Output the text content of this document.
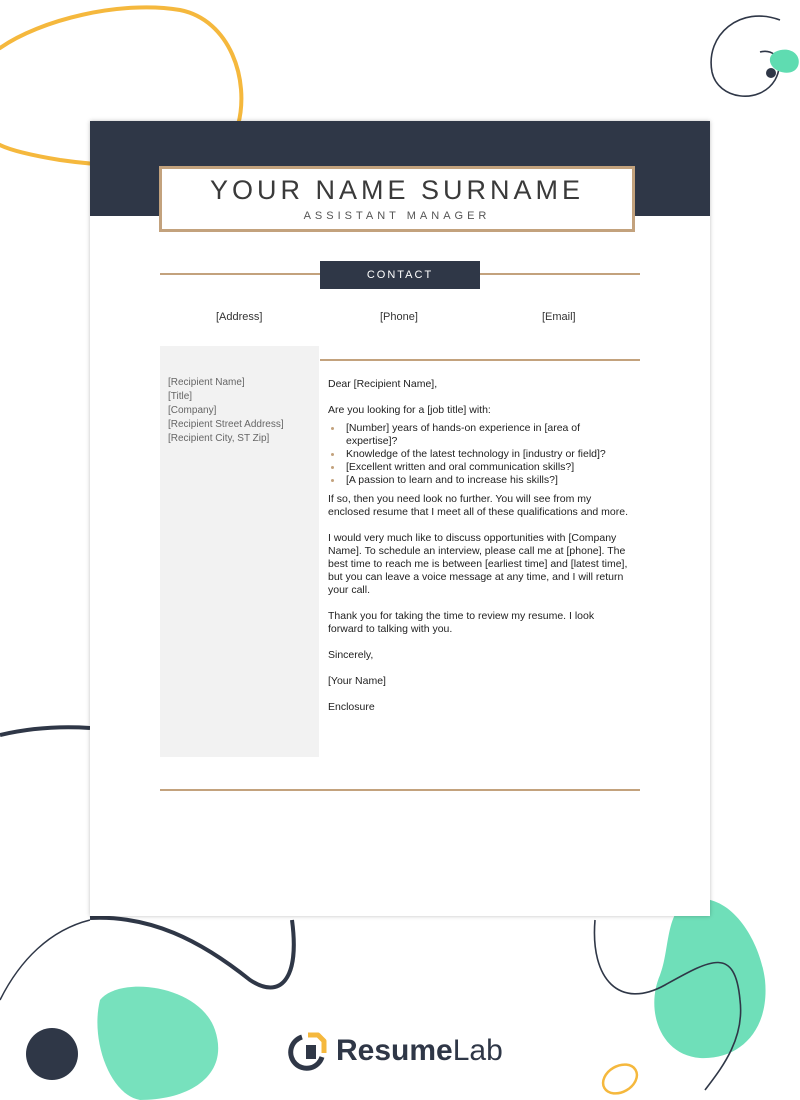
YOUR NAME SURNAME
ASSISTANT MANAGER
CONTACT
[Address]	[Phone]	[Email]
[Recipient Name]
[Title]
[Company]
[Recipient Street Address]
[Recipient City, ST Zip]

Dear [Recipient Name],

Are you looking for a [job title] with:

[Number] years of hands-on experience in [area of expertise]?
Knowledge of the latest technology in [industry or field]?
[Excellent written and oral communication skills?]
[A passion to learn and to increase his skills?]

If so, then you need look no further. You will see from my enclosed resume that I meet all of these qualifications and more.

I would very much like to discuss opportunities with [Company Name]. To schedule an interview, please call me at [phone]. The best time to reach me is between [earliest time] and [latest time], but you can leave a voice message at any time, and I will return your call.

Thank you for taking the time to review my resume. I look forward to talking with you.

Sincerely,

[Your Name]

Enclosure

ResumeLab
